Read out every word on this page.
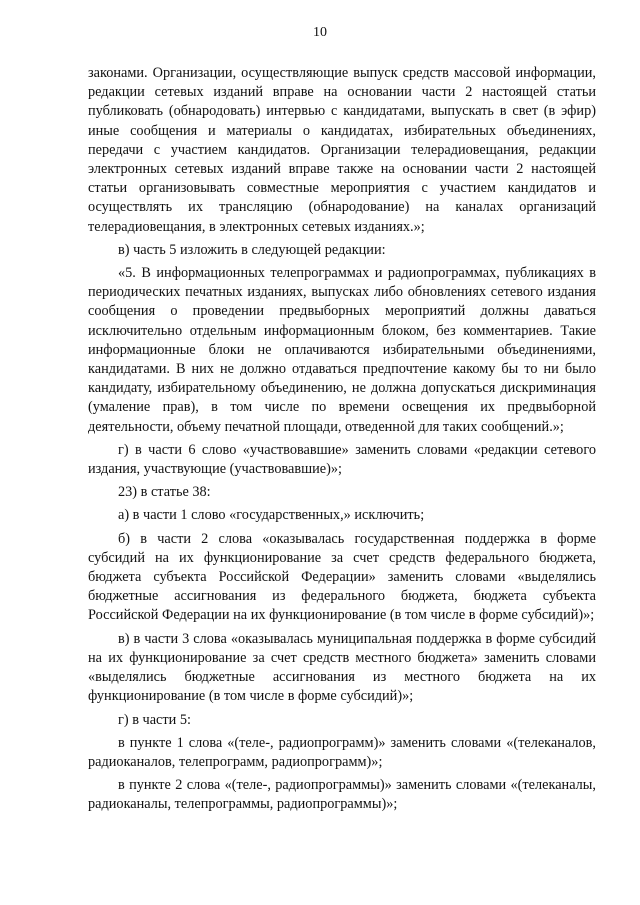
10

законами. Организации, осуществляющие выпуск средств массовой информации, редакции сетевых изданий вправе на основании части 2 настоящей статьи публиковать (обнародовать) интервью с кандидатами, выпускать в свет (в эфир) иные сообщения и материалы о кандидатах, избирательных объединениях, передачи с участием кандидатов. Организации телерадиовещания, редакции электронных сетевых изданий вправе также на основании части 2 настоящей статьи организовывать совместные мероприятия с участием кандидатов и осуществлять их трансляцию (обнародование) на каналах организаций телерадиовещания, в электронных сетевых изданиях.»;

в) часть 5 изложить в следующей редакции:

«5. В информационных телепрограммах и радиопрограммах, публикациях в периодических печатных изданиях, выпусках либо обновлениях сетевого издания сообщения о проведении предвыборных мероприятий должны даваться исключительно отдельным информационным блоком, без комментариев. Такие информационные блоки не оплачиваются избирательными объединениями, кандидатами. В них не должно отдаваться предпочтение какому бы то ни было кандидату, избирательному объединению, не должна допускаться дискриминация (умаление прав), в том числе по времени освещения их предвыборной деятельности, объему печатной площади, отведенной для таких сообщений.»;

г) в части 6 слово «участвовавшие» заменить словами «редакции сетевого издания, участвующие (участвовавшие)»;

23) в статье 38:

а) в части 1 слово «государственных,» исключить;

б) в части 2 слова «оказывалась государственная поддержка в форме субсидий на их функционирование за счет средств федерального бюджета, бюджета субъекта Российской Федерации» заменить словами «выделялись бюджетные ассигнования из федерального бюджета, бюджета субъекта Российской Федерации на их функционирование (в том числе в форме субсидий)»;

в) в части 3 слова «оказывалась муниципальная поддержка в форме субсидий на их функционирование за счет средств местного бюджета» заменить словами «выделялись бюджетные ассигнования из местного бюджета на их функционирование (в том числе в форме субсидий)»;

г) в части 5:

в пункте 1 слова «(теле-, радиопрограмм)» заменить словами «(телеканалов, радиоканалов, телепрограмм, радиопрограмм)»;

в пункте 2 слова «(теле-, радиопрограммы)» заменить словами «(телеканалы, радиоканалы, телепрограммы, радиопрограммы)»;
